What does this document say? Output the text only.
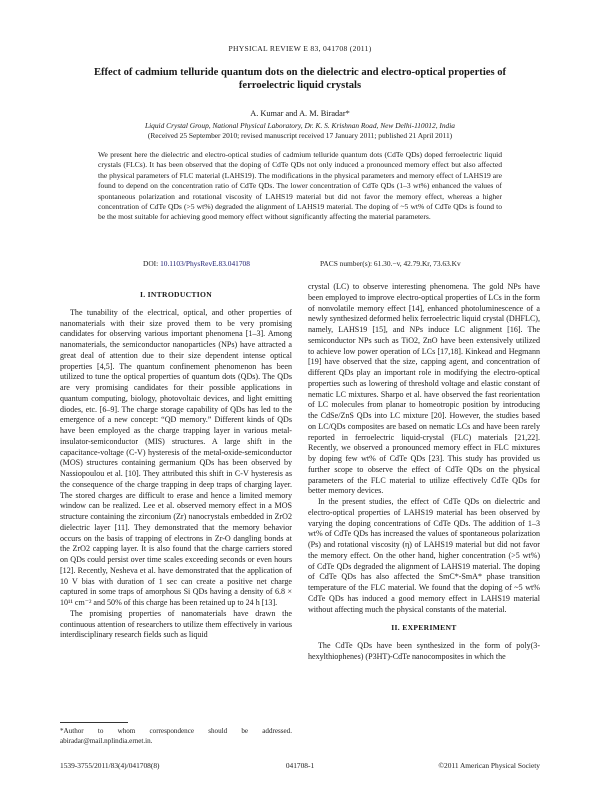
PHYSICAL REVIEW E 83, 041708 (2011)
Effect of cadmium telluride quantum dots on the dielectric and electro-optical properties of ferroelectric liquid crystals
A. Kumar and A. M. Biradar*
Liquid Crystal Group, National Physical Laboratory, Dr. K. S. Krishnan Road, New Delhi-110012, India
(Received 25 September 2010; revised manuscript received 17 January 2011; published 21 April 2011)
We present here the dielectric and electro-optical studies of cadmium telluride quantum dots (CdTe QDs) doped ferroelectric liquid crystals (FLCs). It has been observed that the doping of CdTe QDs not only induced a pronounced memory effect but also affected the physical parameters of FLC material (LAHS19). The modifications in the physical parameters and memory effect of LAHS19 are found to depend on the concentration ratio of CdTe QDs. The lower concentration of CdTe QDs (1–3 wt%) enhanced the values of spontaneous polarization and rotational viscosity of LAHS19 material but did not favor the memory effect, whereas a higher concentration of CdTe QDs (>5 wt%) degraded the alignment of LAHS19 material. The doping of ~5 wt% of CdTe QDs is found to be the most suitable for achieving good memory effect without significantly affecting the material parameters.
DOI: 10.1103/PhysRevE.83.041708	PACS number(s): 61.30.−v, 42.79.Kr, 73.63.Kv
I. INTRODUCTION

The tunability of the electrical, optical, and other properties of nanomaterials with their size proved them to be very promising candidates for observing various important phenomena [1–3]. Among nanomaterials, the semiconductor nanoparticles (NPs) have attracted a great deal of attention due to their size dependent intense optical properties [4,5]. The quantum confinement phenomenon has been utilized to tune the optical properties of quantum dots (QDs). The QDs are very promising candidates for their possible applications in quantum computing, biology, photovoltaic devices, and light emitting diodes, etc. [6–9]. The charge storage capability of QDs has led to the emergence of a new concept: “QD memory.” Different kinds of QDs have been employed as the charge trapping layer in various metal-insulator-semiconductor (MIS) structures. A large shift in the capacitance-voltage (C-V) hysteresis of the metal-oxide-semiconductor (MOS) structures containing germanium QDs has been observed by Nassiopoulou et al. [10]. They attributed this shift in C-V hysteresis as the consequence of the charge trapping in deep traps of charging layer. The stored charges are difficult to erase and hence a limited memory window can be realized. Lee et al. observed memory effect in a MOS structure containing the zirconium (Zr) nanocrystals embedded in ZrO2 dielectric layer [11]. They demonstrated that the memory behavior occurs on the basis of trapping of electrons in Zr-O dangling bonds at the ZrO2 capping layer. It is also found that the charge carriers stored on QDs could persist over time scales exceeding seconds or even hours [12]. Recently, Nesheva et al. have demonstrated that the application of 10 V bias with duration of 1 sec can create a positive net charge captured in some traps of amorphous Si QDs having a density of 6.8 × 10¹¹ cm⁻² and 50% of this charge has been retained up to 24 h [13].

The promising properties of nanomaterials have drawn the continuous attention of researchers to utilize them effectively in various interdisciplinary research fields such as liquid

crystal (LC) to observe interesting phenomena. The gold NPs have been employed to improve electro-optical properties of LCs in the form of nonvolatile memory effect [14], enhanced photoluminescence of a newly synthesized deformed helix ferroelectric liquid crystal (DHFLC), namely, LAHS19 [15], and NPs induce LC alignment [16]. The semiconductor NPs such as TiO2, ZnO have been extensively utilized to achieve low power operation of LCs [17,18]. Kinkead and Hegmann [19] have observed that the size, capping agent, and concentration of different QDs play an important role in modifying the electro-optical properties such as lowering of threshold voltage and elastic constant of nematic LC mixtures. Sharpo et al. have observed the fast reorientation of LC molecules from planar to homeotropic position by introducing the CdSe/ZnS QDs into LC mixture [20]. However, the studies based on LC/QDs composites are based on nematic LCs and have been rarely reported in ferroelectric liquid-crystal (FLC) materials [21,22]. Recently, we observed a pronounced memory effect in FLC mixtures by doping few wt% of CdTe QDs [23]. This study has provided us further scope to observe the effect of CdTe QDs on the physical parameters of the FLC material to utilize effectively CdTe QDs for better memory devices.

In the present studies, the effect of CdTe QDs on dielectric and electro-optical properties of LAHS19 material has been observed by varying the doping concentrations of CdTe QDs. The addition of 1–3 wt% of CdTe QDs has increased the values of spontaneous polarization (Ps) and rotational viscosity (η) of LAHS19 material but did not favor the memory effect. On the other hand, higher concentration (>5 wt%) of CdTe QDs degraded the alignment of LAHS19 material. The doping of CdTe QDs has also affected the SmC*-SmA* phase transition temperature of the FLC material. We found that the doping of ~5 wt% CdTe QDs has induced a good memory effect in LAHS19 material without affecting much the physical constants of the material.

II. EXPERIMENT

The CdTe QDs have been synthesized in the form of poly(3-hexylthiophenes) (P3HT)-CdTe nanocomposites in which the

*Author to whom correspondence should be addressed. abiradar@mail.nplindia.ernet.in.
1539-3755/2011/83(4)/041708(8)	041708-1	©2011 American Physical Society
